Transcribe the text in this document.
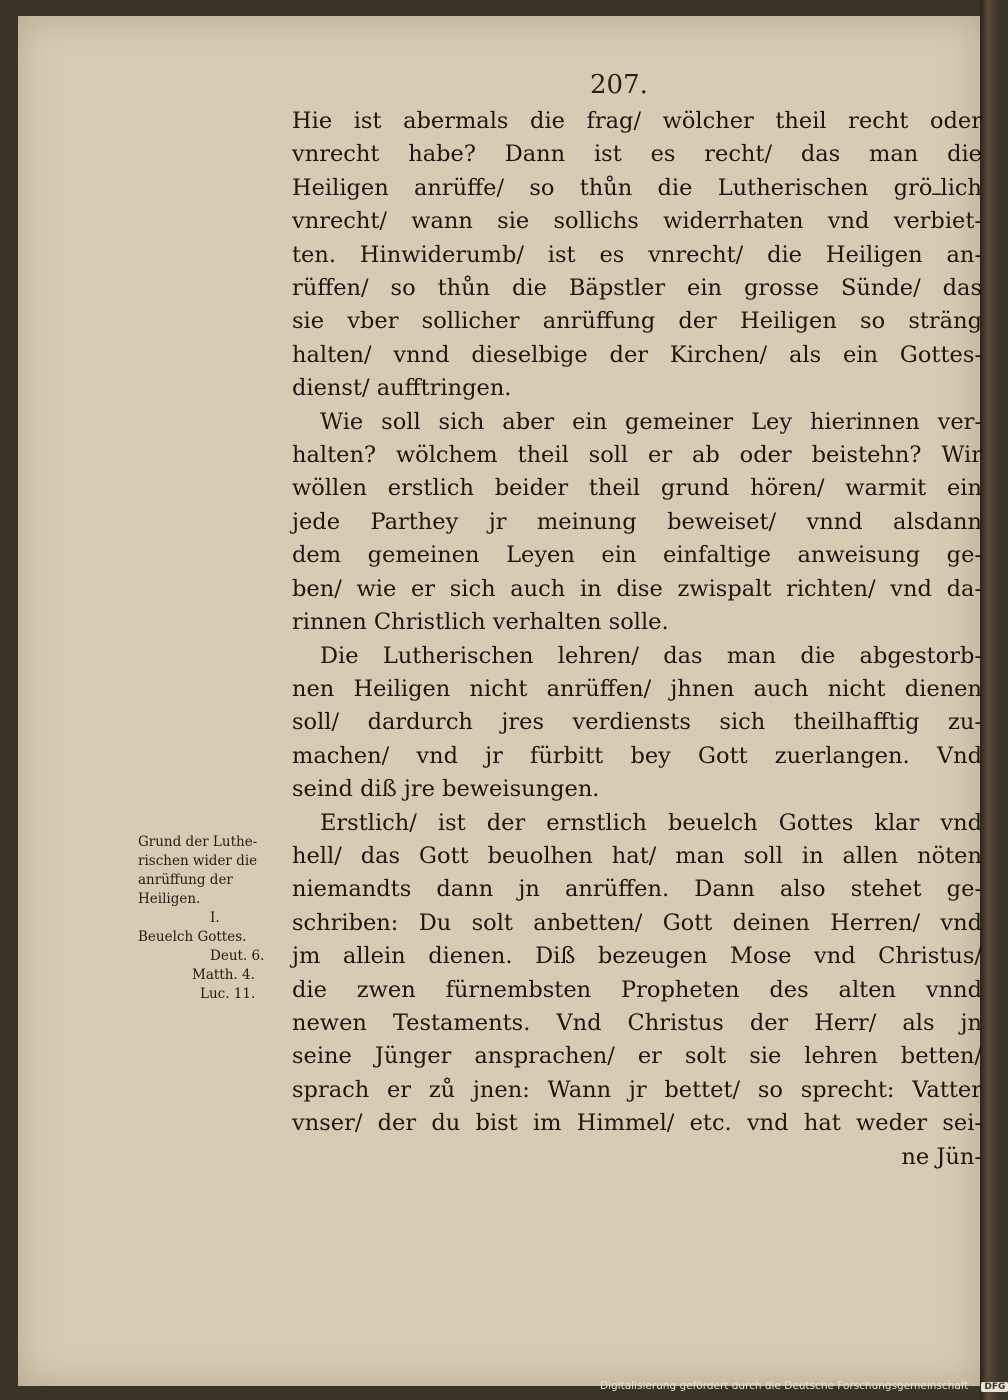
207.
Hie ist abermals die frag/ wölcher theil recht oder
vnrecht habe? Dann ist es recht/ das man die
Heiligen anrüffe/ so thůn die Lutherischen gröߺlich
vnrecht/ wann sie sollichs widerrhaten vnd verbiet-
ten. Hinwiderumb/ ist es vnrecht/ die Heiligen an-
rüffen/ so thůn die Bäpstler ein grosse Sünde/ das
sie vber sollicher anrüffung der Heiligen so sträng
halten/ vnnd dieselbige der Kirchen/ als ein Gottes-
dienst/ aufftringen.
Wie soll sich aber ein gemeiner Ley hierinnen ver-
halten? wölchem theil soll er ab oder beistehn? Wir
wöllen erstlich beider theil grund hören/ warmit ein
jede Parthey jr meinung beweiset/ vnnd alsdann
dem gemeinen Leyen ein einfaltige anweisung ge-
ben/ wie er sich auch in dise zwispalt richten/ vnd da-
rinnen Christlich verhalten solle.
Die Lutherischen lehren/ das man die abgestorb-
nen Heiligen nicht anrüffen/ jhnen auch nicht dienen
soll/ dardurch jres verdiensts sich theilhafftig zu-
machen/ vnd jr fürbitt bey Gott zuerlangen. Vnd
seind diß jre beweisungen.
Erstlich/ ist der ernstlich beuelch Gottes klar vnd
hell/ das Gott beuolhen hat/ man soll in allen nöten
niemandts dann jn anrüffen. Dann also stehet ge-
schriben: Du solt anbetten/ Gott deinen Herren/ vnd
jm allein dienen. Diß bezeugen Mose vnd Christus/
die zwen fürnembsten Propheten des alten vnnd
newen Testaments. Vnd Christus der Herr/ als jn
seine Jünger ansprachen/ er solt sie lehren betten/
sprach er zů jnen: Wann jr bettet/ so sprecht: Vatter
vnser/ der du bist im Himmel/ etc. vnd hat weder sei-
ne Jün-
Grund der Luthe-
rischen wider die
anrüffung der
Heiligen.
I.
Beuelch Gottes.
Deut. 6.
Matth. 4.
Luc. 11.
Digitalisierung gefördert durch die Deutsche Forschungsgemeinschaft · DFG
